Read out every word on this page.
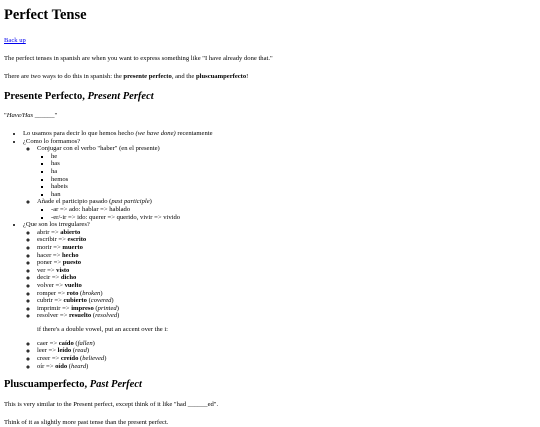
Perfect Tense

Back up

The perfect tenses in spanish are when you want to express something like "I have already done that."

There are two ways to do this in spanish: the presente perfecto, and the pluscuamperfecto!

Presente Perfecto, Present Perfect

"Have/Has ______"

• Lo usamos para decir lo que hemos hecho (we have done) recentamente
• ¿Como lo formamos?
◦ Conjugar con el verbo "haber" (en el presente)
▪ he
▪ has
▪ ha
▪ hemos
▪ habeis
▪ han
◦ Añade el participio pasado (past participle)
▪ -ar => ado: hablar => hablado
▪ -er/-ir => ido: querer => querido, vivir => vivido
• ¿Que son los irregulares?
◦ abrir => abierto
◦ escribir => escrito
◦ morir => muerto
◦ hacer => hecho
◦ poner => puesto
◦ ver => visto
◦ decir => dicho
◦ volver => vuelto
◦ romper => roto (broken)
◦ cubrir => cubierto (covered)
◦ imprimir => impreso (printed)
◦ resolver => resuelto (resolved)

if there's a double vowel, put an accent over the i:

◦ caer => caído (fallen)
◦ leer => leído (read)
◦ creer => creído (believed)
◦ oír => oído (heard)
Pluscuamperfecto, Past Perfect

This is very similar to the Present perfect, except think of it like "had ______ed".

Think of it as slightly more past tense than the present perfect.
